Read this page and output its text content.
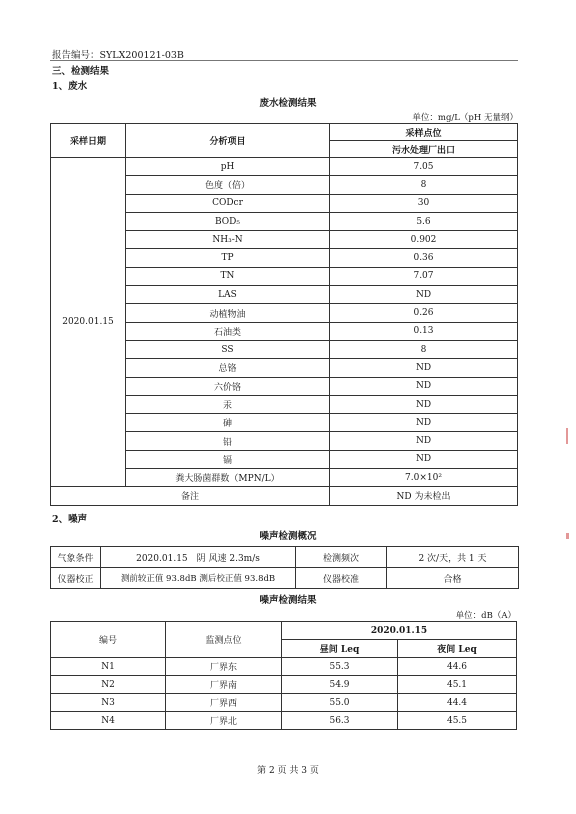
报告编号：SYLX200121-03B
三、检测结果
1、废水
废水检测结果
单位：mg/L（pH 无量纲）
采样日期	分析项目	采样点位
		污水处理厂出口
2020.01.15	pH	7.05
	色度（倍）	8
	CODcr	30
	BOD₅	5.6
	NH₃-N	0.902
	TP	0.36
	TN	7.07
	LAS	ND
	动植物油	0.26
	石油类	0.13
	SS	8
	总铬	ND
	六价铬	ND
	汞	ND
	砷	ND
	铅	ND
	镉	ND
	粪大肠菌群数（MPN/L）	7.0×10²
备注		ND 为未检出
2、噪声
噪声检测概况
气象条件	2020.01.15　阴 风速 2.3m/s	检测频次	2 次/天，共 1 天
仪器校正	测前较正值 93.8dB 测后校正值 93.8dB	仪器校准	合格
噪声检测结果
单位：dB（A）
编号	监测点位	2020.01.15	
		昼间 Leq	夜间 Leq
N1	厂界东	55.3	44.6
N2	厂界南	54.9	45.1
N3	厂界西	55.0	44.4
N4	厂界北	56.3	45.5
第 2 页 共 3 页
